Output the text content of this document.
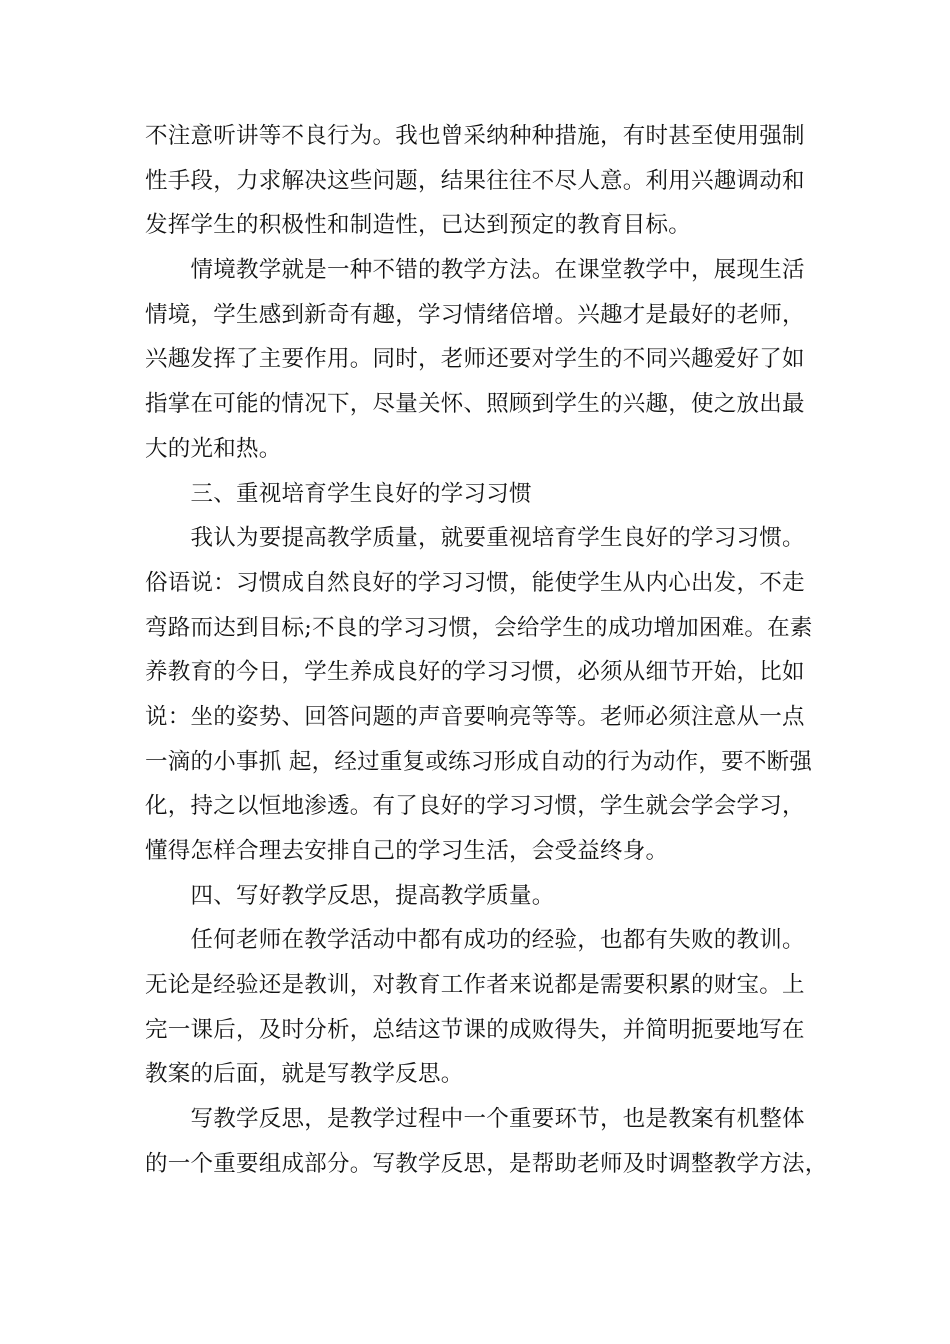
不注意听讲等不良行为。我也曾采纳种种措施，有时甚至使用强制
性手段，力求解决这些问题，结果往往不尽人意。利用兴趣调动和
发挥学生的积极性和制造性，已达到预定的教育目标。
　　情境教学就是一种不错的教学方法。在课堂教学中，展现生活
情境，学生感到新奇有趣，学习情绪倍增。兴趣才是最好的老师，
兴趣发挥了主要作用。同时，老师还要对学生的不同兴趣爱好了如
指掌在可能的情况下，尽量关怀、照顾到学生的兴趣，使之放出最
大的光和热。
　　三、重视培育学生良好的学习习惯
　　我认为要提高教学质量，就要重视培育学生良好的学习习惯。
俗语说：习惯成自然良好的学习习惯，能使学生从内心出发，不走
弯路而达到目标;不良的学习习惯，会给学生的成功增加困难。在素
养教育的今日，学生养成良好的学习习惯，必须从细节开始，比如
说：坐的姿势、回答问题的声音要响亮等等。老师必须注意从一点
一滴的小事抓 起，经过重复或练习形成自动的行为动作，要不断强
化，持之以恒地渗透。有了良好的学习习惯，学生就会学会学习，
懂得怎样合理去安排自己的学习生活，会受益终身。
　　四、写好教学反思，提高教学质量。
　　任何老师在教学活动中都有成功的经验，也都有失败的教训。
无论是经验还是教训，对教育工作者来说都是需要积累的财宝。上
完一课后，及时分析，总结这节课的成败得失，并简明扼要地写在
教案的后面，就是写教学反思。
　　写教学反思，是教学过程中一个重要环节，也是教案有机整体
的一个重要组成部分。写教学反思，是帮助老师及时调整教学方法，
